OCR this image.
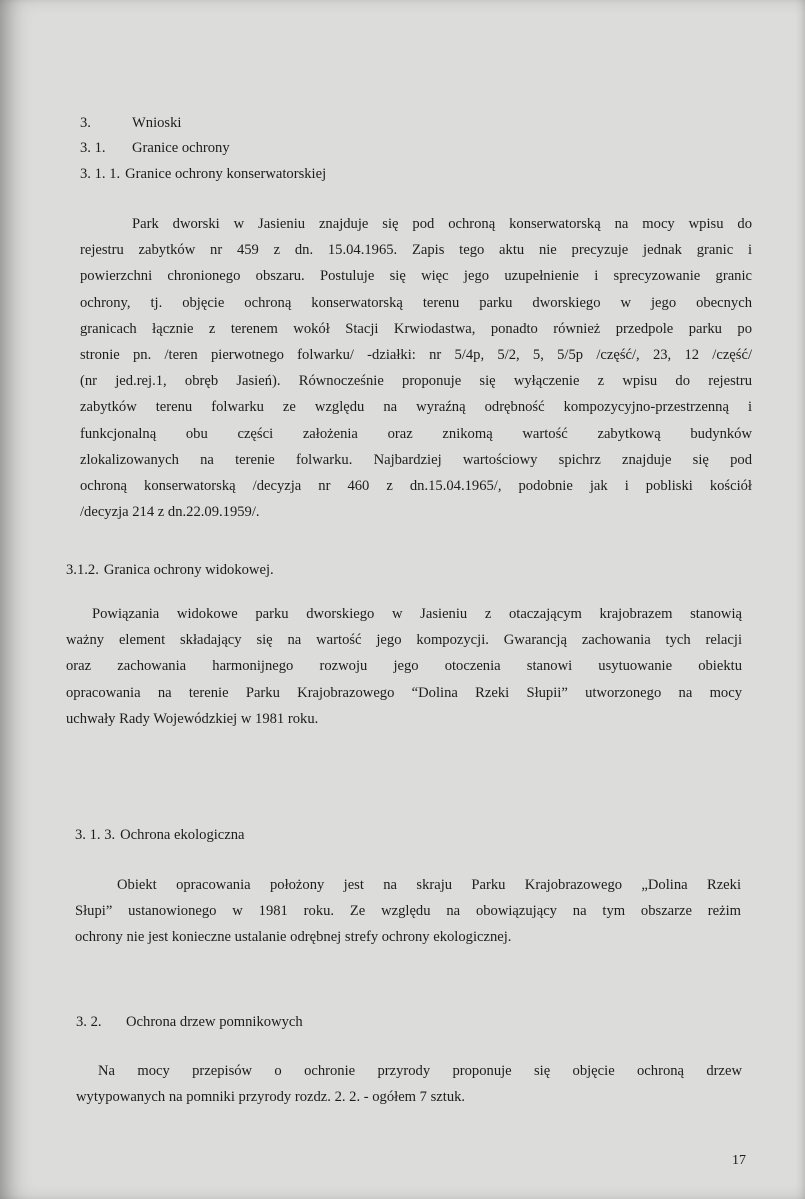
3.	Wnioski
3. 1. Granice ochrony
3. 1. 1. Granice ochrony konserwatorskiej
Park dworski w Jasieniu znajduje się pod ochroną konserwatorską na mocy wpisu do
rejestru zabytków nr 459 z dn. 15.04.1965. Zapis tego aktu nie precyzuje jednak granic i
powierzchni chronionego obszaru. Postuluje się więc jego uzupełnienie i sprecyzowanie granic
ochrony, tj. objęcie ochroną konserwatorską terenu parku dworskiego w jego obecnych
granicach łącznie z terenem wokół Stacji Krwiodastwa, ponadto również przedpole parku po
stronie pn. /teren pierwotnego folwarku/ -działki: nr 5/4p, 5/2, 5, 5/5p /część/, 23, 12 /część/
(nr jed.rej.1, obręb Jasień). Równocześnie proponuje się wyłączenie z wpisu do rejestru
zabytków terenu folwarku ze względu na wyraźną odrębność kompozycyjno-przestrzenną i
funkcjonalną obu części założenia oraz znikomą wartość zabytkową budynków
zlokalizowanych na terenie folwarku. Najbardziej wartościowy spichrz znajduje się pod
ochroną konserwatorską /decyzja nr 460 z dn.15.04.1965/, podobnie jak i pobliski kościół
/decyzja 214 z dn.22.09.1959/.
3.1.2. Granica ochrony widokowej.
Powiązania widokowe parku dworskiego w Jasieniu z otaczającym krajobrazem stanowią
ważny element składający się na wartość jego kompozycji. Gwarancją zachowania tych relacji
oraz zachowania harmonijnego rozwoju jego otoczenia stanowi usytuowanie obiektu
opracowania na terenie Parku Krajobrazowego “Dolina Rzeki Słupii” utworzonego na mocy
uchwały Rady Wojewódzkiej w 1981 roku.
3. 1. 3. Ochrona ekologiczna
Obiekt opracowania położony jest na skraju Parku Krajobrazowego „Dolina Rzeki
Słupi” ustanowionego w 1981 roku. Ze względu na obowiązujący na tym obszarze reżim
ochrony nie jest konieczne ustalanie odrębnej strefy ochrony ekologicznej.
3. 2. Ochrona drzew pomnikowych
Na mocy przepisów o ochronie przyrody proponuje się objęcie ochroną drzew
wytypowanych na pomniki przyrody rozdz. 2. 2. - ogółem 7 sztuk.
17
